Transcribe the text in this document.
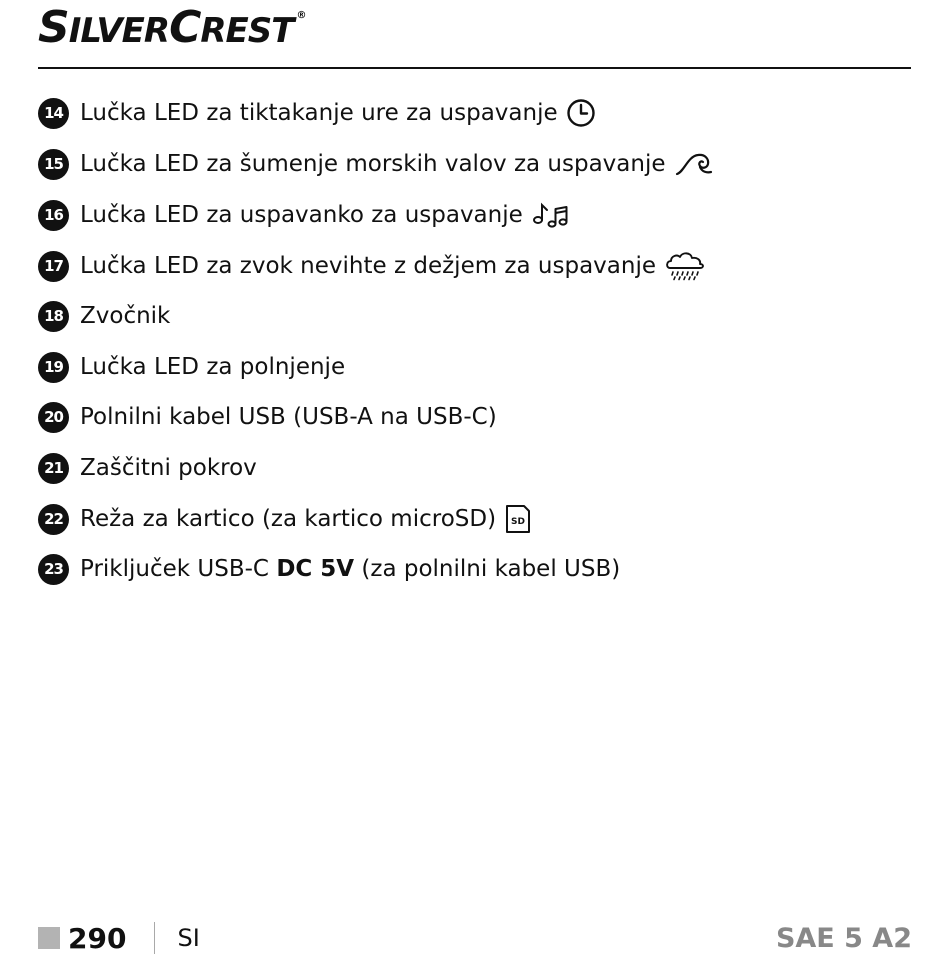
SILVERCREST ®
14 Lučka LED za tiktakanje ure za uspavanje
15 Lučka LED za šumenje morskih valov za uspavanje
16 Lučka LED za uspavanko za uspavanje
17 Lučka LED za zvok nevihte z dežjem za uspavanje
18 Zvočnik
19 Lučka LED za polnjenje
20 Polnilni kabel USB (USB-A na USB-C)
21 Zaščitni pokrov
22 Reža za kartico (za kartico microSD) SD
23 Priključek USB-C DC 5V (za polnilni kabel USB)
290 SI	SAE 5 A2
